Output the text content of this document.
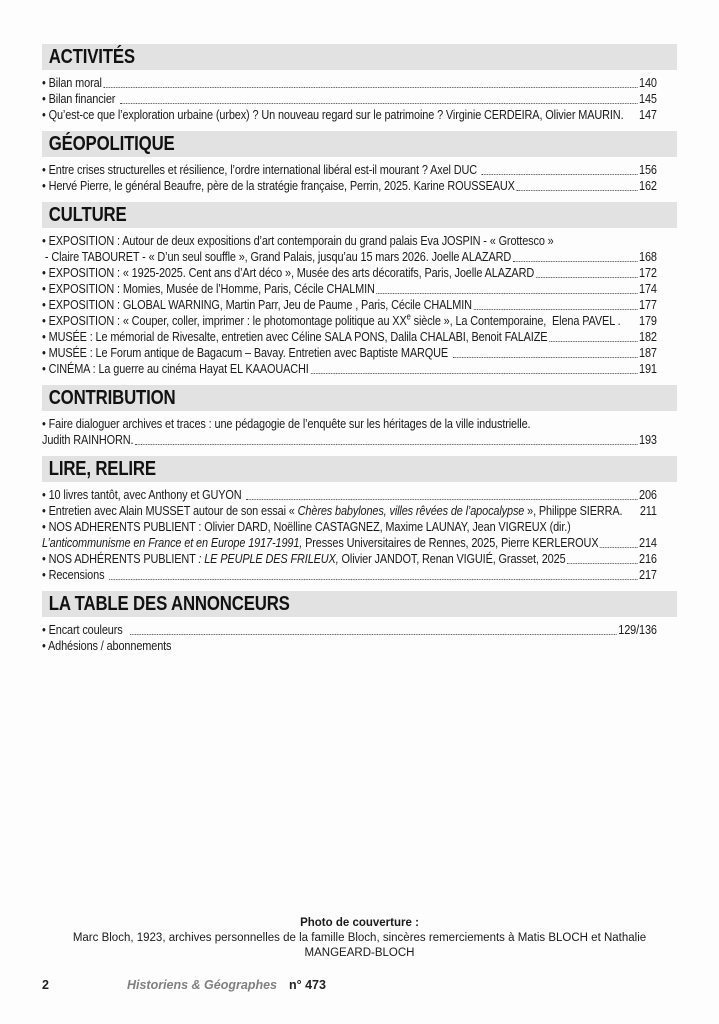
ACTIVITÉS
• Bilan moral	140
• Bilan financier	145
• Qu’est-ce que l’exploration urbaine (urbex) ? Un nouveau regard sur le patrimoine ? Virginie CERDEIRA, Olivier MAURIN. 147
GÉOPOLITIQUE
• Entre crises structurelles et résilience, l’ordre international libéral est-il mourant ? Axel DUC	156
• Hervé Pierre, le général Beaufre, père de la stratégie française, Perrin, 2025. Karine ROUSSEAUX	162
CULTURE
• EXPOSITION : Autour de deux expositions d’art contemporain du grand palais Eva JOSPIN - « Grottesco »
- Claire TABOURET - « D’un seul souffle », Grand Palais, jusqu’au 15 mars 2026. Joelle ALAZARD	168
• EXPOSITION : « 1925-2025. Cent ans d’Art déco », Musée des arts décoratifs, Paris, Joelle ALAZARD	172
• EXPOSITION : Momies, Musée de l’Homme, Paris, Cécile CHALMIN	174
• EXPOSITION : GLOBAL WARNING, Martin Parr, Jeu de Paume , Paris, Cécile CHALMIN	177
• EXPOSITION : « Couper, coller, imprimer : le photomontage politique au XXe siècle », La Contemporaine,  Elena PAVEL . 179
• MUSÉE : Le mémorial de Rivesalte, entretien avec Céline SALA PONS, Dalila CHALABI, Benoit FALAIZE	182
• MUSÉE : Le Forum antique de Bagacum – Bavay. Entretien avec Baptiste MARQUE	187
• CINÉMA : La guerre au cinéma Hayat EL KAAOUACHI	191
CONTRIBUTION
• Faire dialoguer archives et traces : une pédagogie de l’enquête sur les héritages de la ville industrielle.
Judith RAINHORN.	193
LIRE, RELIRE
• 10 livres tantôt, avec Anthony et GUYON	206
• Entretien avec Alain MUSSET autour de son essai « Chères babylones, villes rêvées de l’apocalypse », Philippe SIERRA. 211
• NOS ADHERENTS PUBLIENT : Olivier DARD, Noëlline CASTAGNEZ, Maxime LAUNAY, Jean VIGREUX (dir.)
L’anticommunisme en France et en Europe 1917-1991, Presses Universitaires de Rennes, 2025, Pierre KERLEROUX	214
• NOS ADHÉRENTS PUBLIENT : LE PEUPLE DES FRILEUX, Olivier JANDOT, Renan VIGUIÉ, Grasset, 2025	216
• Recensions	217
LA TABLE DES ANNONCEURS
• Encart couleurs	129/136
• Adhésions / abonnements
Photo de couverture :
Marc Bloch, 1923, archives personnelles de la famille Bloch, sincères remerciements à Matis BLOCH et Nathalie
MANGEARD-BLOCH
2	Historiens & Géographes n° 473
